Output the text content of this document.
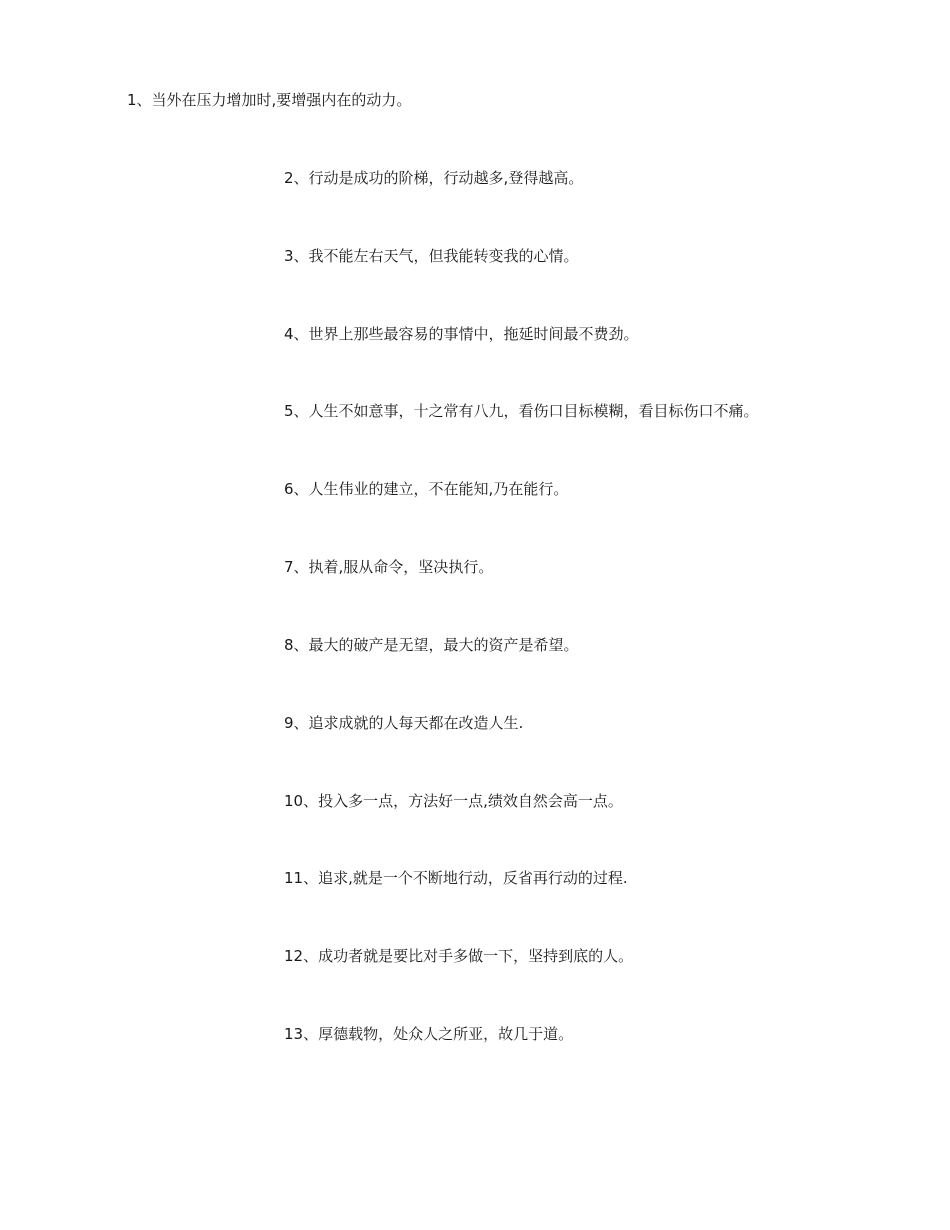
1、当外在压力增加时,要增强内在的动力。

2、行动是成功的阶梯，行动越多,登得越高。

3、我不能左右天气，但我能转变我的心情。

4、世界上那些最容易的事情中，拖延时间最不费劲。

5、人生不如意事，十之常有八九，看伤口目标模糊，看目标伤口不痛。

6、人生伟业的建立，不在能知,乃在能行。

7、执着,服从命令，坚决执行。

8、最大的破产是无望，最大的资产是希望。

9、追求成就的人每天都在改造人生.

10、投入多一点，方法好一点,绩效自然会高一点。

11、追求,就是一个不断地行动，反省再行动的过程.

12、成功者就是要比对手多做一下，坚持到底的人。

13、厚德载物，处众人之所亚，故几于道。
